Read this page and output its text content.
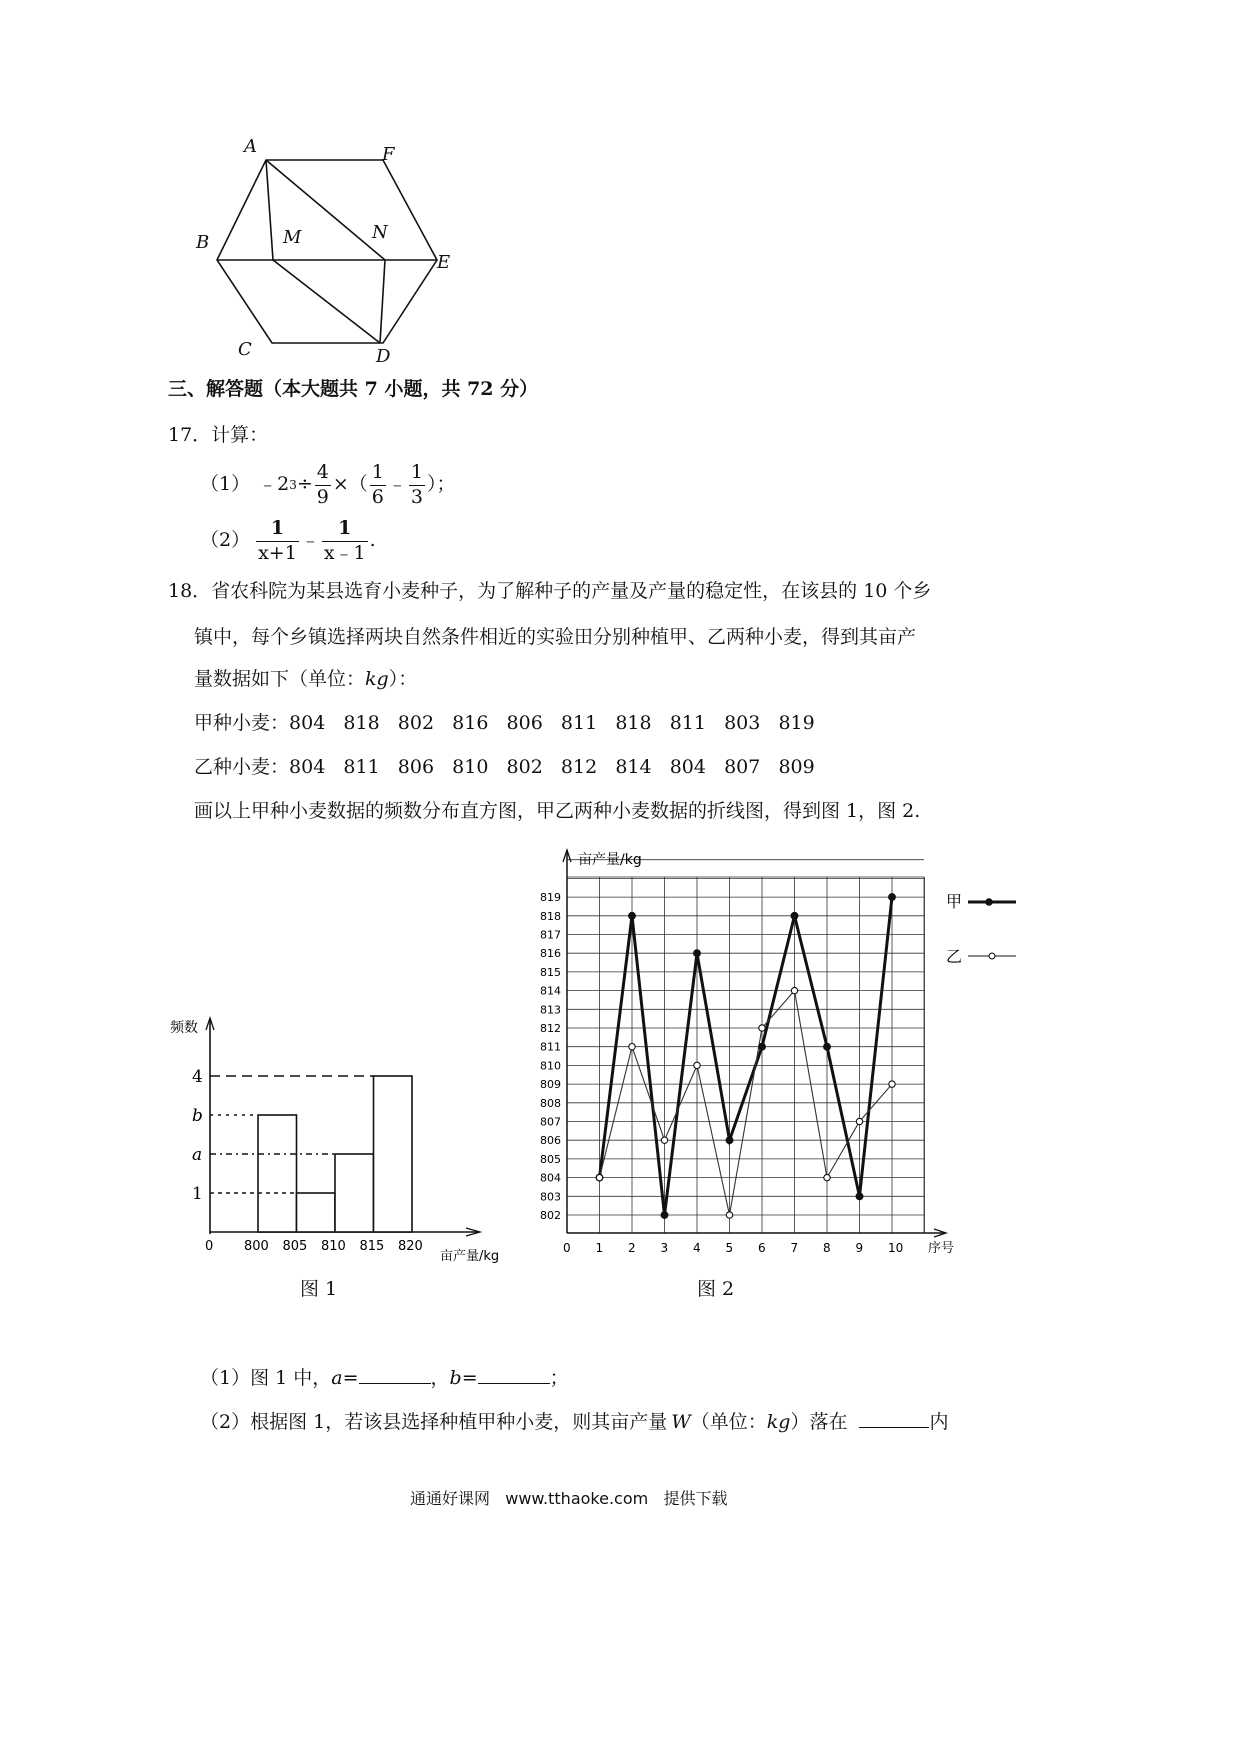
A	F
B	M	N
E
C	D
三、解答题（本大题共 7 小题，共 72 分）
17．计算：
（1） ﹣2 $3 \div \frac{4}{9}$ ×（ $\frac{1}{6}$ ﹣ $\frac{1}{3}$ ）；
$(2) \frac{1}{x+1}$ ﹣ $\frac{1}{x﹣1}$ .
18．省农科院为某县选育小麦种子，为了解种子的产量及产量的稳定性，在该县的 10 个乡
镇中，每个乡镇选择两块自然条件相近的实验田分别种植甲、乙两种小麦，得到其亩产
量数据如下（单位：kg）：
甲种小麦：804   818   802   816   806   811   818   811   803   819
乙种小麦：804   811   806   810   802   812   814   804   807   809
画以上甲种小麦数据的频数分布直方图，甲乙两种小麦数据的折线图，得到图 1，图 2.
频数
亩产量/kg
0 800 805 810 815 820
1
a
b
4
亩产量/kg
序号
802
803
804
805
806
807
808
809
810
811
812
813
814
815
816
817
818
819
0 1 2 3 4 5 6 7 8 9 10
甲
乙
图 1	图 2
（1）图 1 中，a=	，b=	；
（2）根据图 1，若该县选择种植甲种小麦，则其亩产量 W（单位：kg）落在	内
通通好课网   www.tthaoke.com   提供下载
